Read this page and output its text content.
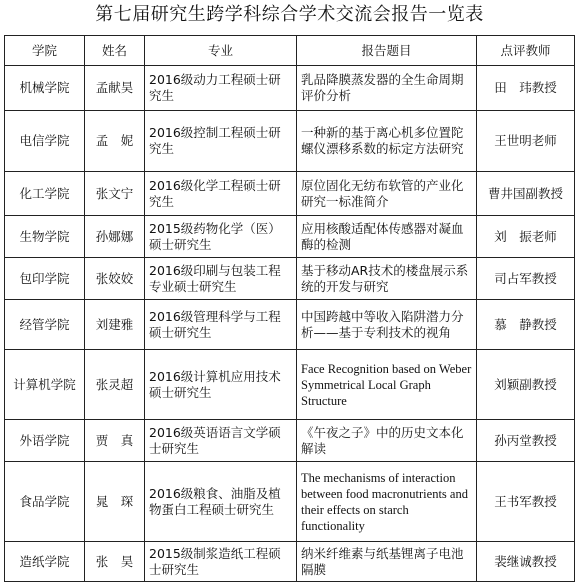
第七届研究生跨学科综合学术交流会报告一览表
学院	姓名	专业	报告题目	点评教师
机械学院	孟献昊	2016级动力工程硕士研究生	乳品降膜蒸发器的全生命周期评价分析	田　玮教授
电信学院	孟　妮	2016级控制工程硕士研究生	一种新的基于离心机多位置陀螺仪漂移系数的标定方法研究	王世明老师
化工学院	张文宁	2016级化学工程硕士研究生	原位固化无纺布软管的产业化研究一标准简介	曹井国副教授
生物学院	孙娜娜	2015级药物化学（医）硕士研究生	应用核酸适配体传感器对凝血酶的检测	刘　振老师
包印学院	张姣姣	2016级印刷与包装工程专业硕士研究生	基于移动AR技术的楼盘展示系统的开发与研究	司占军教授
经管学院	刘建雅	2016级管理科学与工程硕士研究生	中国跨越中等收入陷阱潜力分析——基于专利技术的视角	慕　静教授
计算机学院	张灵超	2016级计算机应用技术硕士研究生	Face Recognition based on Weber Symmetrical Local Graph Structure	刘颖副教授
外语学院	贾　真	2016级英语语言文学硕士研究生	《午夜之子》中的历史文本化解读	孙丙堂教授
食品学院	晁　琛	2016级粮食、油脂及植物蛋白工程硕士研究生	The mechanisms of interaction between food macronutrients and their effects on starch functionality	王书军教授
造纸学院	张　昊	2015级制浆造纸工程硕士研究生	纳米纤维素与纸基锂离子电池隔膜	裴继诚教授
